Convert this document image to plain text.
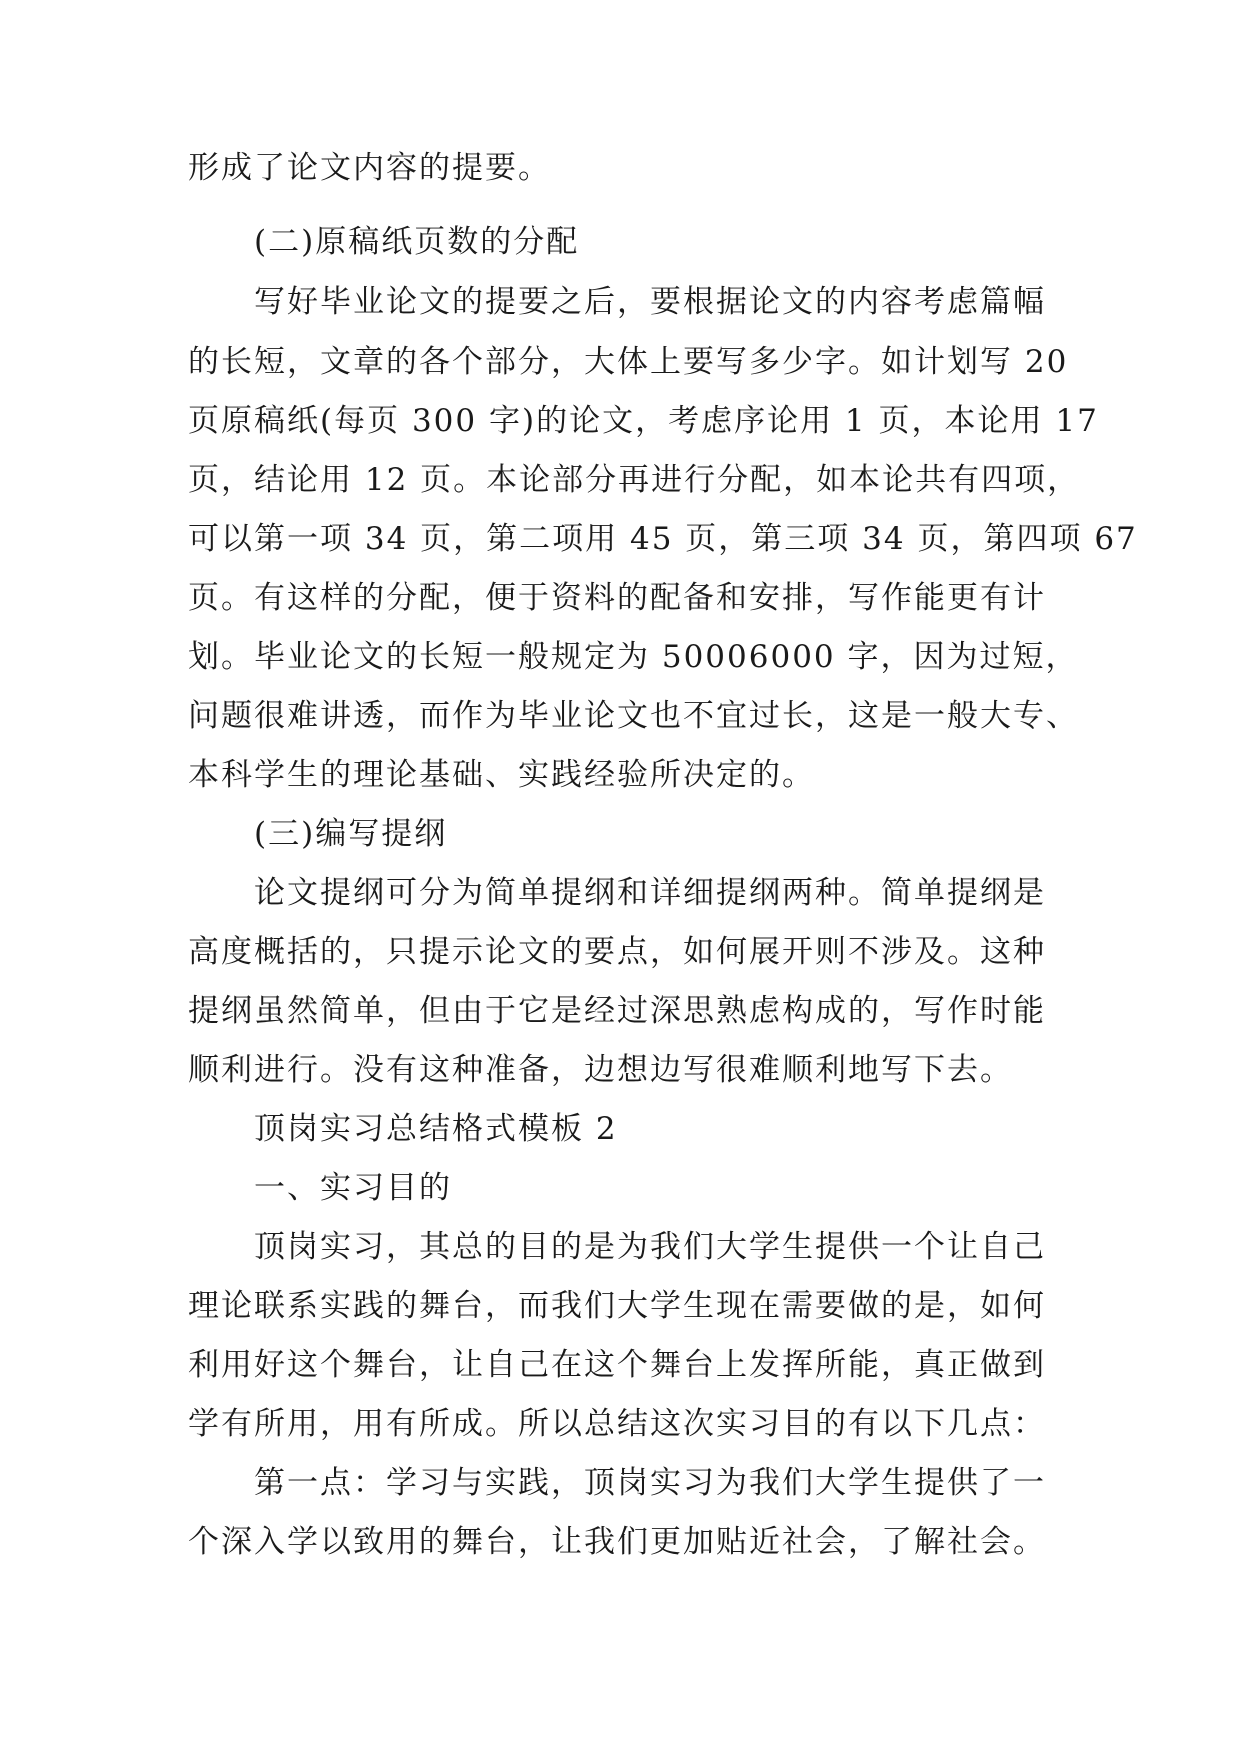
形成了论文内容的提要。

(二)原稿纸页数的分配

写好毕业论文的提要之后，要根据论文的内容考虑篇幅

的长短，文章的各个部分，大体上要写多少字。如计划写 20

页原稿纸(每页 300 字)的论文，考虑序论用 1 页，本论用 17

页，结论用 12 页。本论部分再进行分配，如本论共有四项，

可以第一项 34 页，第二项用 45 页，第三项 34 页，第四项 67

页。有这样的分配，便于资料的配备和安排，写作能更有计

划。毕业论文的长短一般规定为 50006000 字，因为过短，

问题很难讲透，而作为毕业论文也不宜过长，这是一般大专、

本科学生的理论基础、实践经验所决定的。

(三)编写提纲

论文提纲可分为简单提纲和详细提纲两种。简单提纲是

高度概括的，只提示论文的要点，如何展开则不涉及。这种

提纲虽然简单，但由于它是经过深思熟虑构成的，写作时能

顺利进行。没有这种准备，边想边写很难顺利地写下去。

顶岗实习总结格式模板 2

一、实习目的

顶岗实习，其总的目的是为我们大学生提供一个让自己

理论联系实践的舞台，而我们大学生现在需要做的是，如何

利用好这个舞台，让自己在这个舞台上发挥所能，真正做到

学有所用，用有所成。所以总结这次实习目的有以下几点：

第一点：学习与实践，顶岗实习为我们大学生提供了一

个深入学以致用的舞台，让我们更加贴近社会，了解社会。
